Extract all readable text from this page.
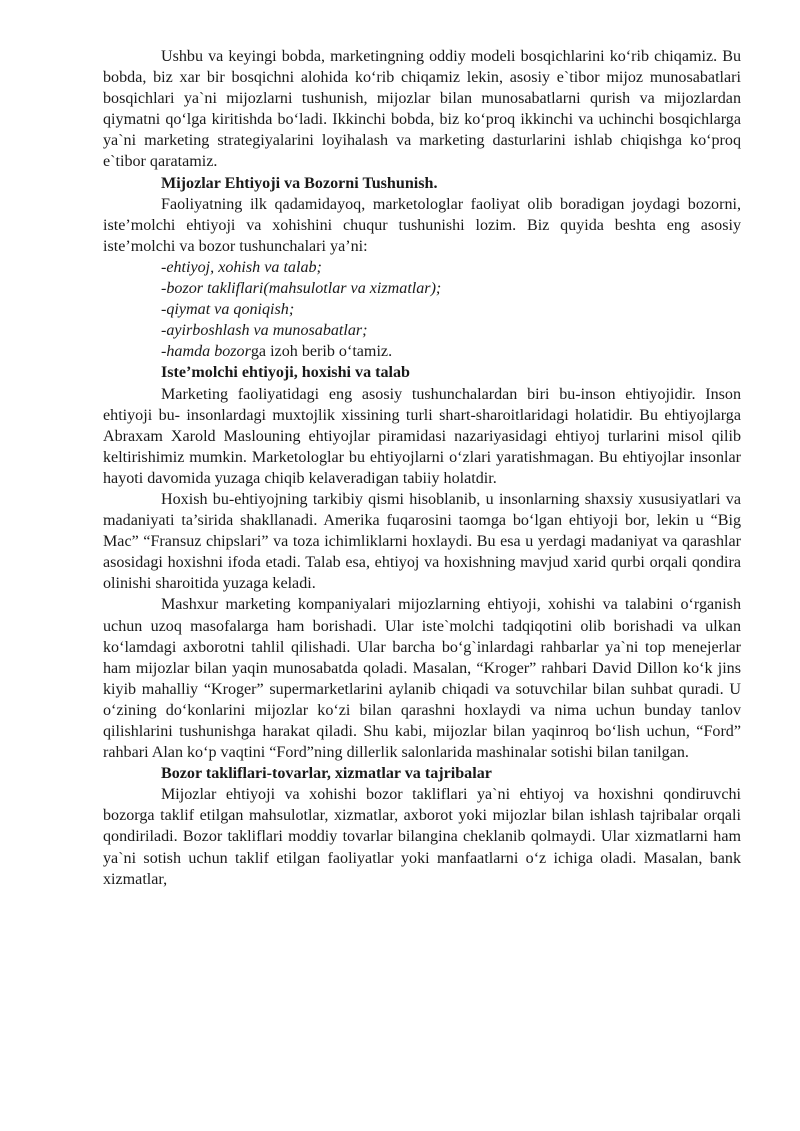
Ushbu va keyingi bobda, marketingning oddiy modeli bosqichlarini ko‘rib chiqamiz. Bu bobda, biz xar bir bosqichni alohida ko‘rib chiqamiz lekin, asosiy e`tibor mijoz munosabatlari bosqichlari ya`ni mijozlarni tushunish, mijozlar bilan munosabatlarni qurish va mijozlardan qiymatni qo‘lga kiritishda bo‘ladi. Ikkinchi bobda, biz ko‘proq ikkinchi va uchinchi bosqichlarga ya`ni marketing strategiyalarini loyihalash va marketing dasturlarini ishlab chiqishga ko‘proq e`tibor qaratamiz.

Mijozlar Ehtiyoji va Bozorni Tushunish.

Faoliyatning ilk qadamidayoq, marketologlar faoliyat olib boradigan joydagi bozorni, iste’molchi ehtiyoji va xohishini chuqur tushunishi lozim. Biz quyida beshta eng asosiy iste’molchi va bozor tushunchalari ya’ni:

-ehtiyoj, xohish va talab;

-bozor takliflari(mahsulotlar va xizmatlar);

-qiymat va qoniqish;

-ayirboshlash va munosabatlar;

-hamda bozorga izoh berib o‘tamiz.

Iste’molchi ehtiyoji, hoxishi va talab

Marketing faoliyatidagi eng asosiy tushunchalardan biri bu-inson ehtiyojidir. Inson ehtiyoji bu- insonlardagi muxtojlik xissining turli shart-sharoitlaridagi holatidir. Bu ehtiyojlarga Abraxam Xarold Maslouning ehtiyojlar piramidasi nazariyasidagi ehtiyoj turlarini misol qilib keltirishimiz mumkin. Marketologlar bu ehtiyojlarni o‘zlari yaratishmagan. Bu ehtiyojlar insonlar hayoti davomida yuzaga chiqib kelaveradigan tabiiy holatdir.

Hoxish bu-ehtiyojning tarkibiy qismi hisoblanib, u insonlarning shaxsiy xususiyatlari va madaniyati ta’sirida shakllanadi. Amerika fuqarosini taomga bo‘lgan ehtiyoji bor, lekin u “Big Mac” “Fransuz chipslari” va toza ichimliklarni hoxlaydi. Bu esa u yerdagi madaniyat va qarashlar asosidagi hoxishni ifoda etadi. Talab esa, ehtiyoj va hoxishning mavjud xarid qurbi orqali qondira olinishi sharoitida yuzaga keladi.

Mashxur marketing kompaniyalari mijozlarning ehtiyoji, xohishi va talabini o‘rganish uchun uzoq masofalarga ham borishadi. Ular iste`molchi tadqiqotini olib borishadi va ulkan ko‘lamdagi axborotni tahlil qilishadi. Ular barcha bo‘g`inlardagi rahbarlar ya`ni top menejerlar ham mijozlar bilan yaqin munosabatda qoladi. Masalan, “Kroger” rahbari David Dillon ko‘k jins kiyib mahalliy “Kroger” supermarketlarini aylanib chiqadi va sotuvchilar bilan suhbat quradi. U o‘zining do‘konlarini mijozlar ko‘zi bilan qarashni hoxlaydi va nima uchun bunday tanlov qilishlarini tushunishga harakat qiladi. Shu kabi, mijozlar bilan yaqinroq bo‘lish uchun, “Ford” rahbari Alan ko‘p vaqtini “Ford”ning dillerlik salonlarida mashinalar sotishi bilan tanilgan.

Bozor takliflari-tovarlar, xizmatlar va tajribalar

Mijozlar ehtiyoji va xohishi bozor takliflari ya`ni ehtiyoj va hoxishni qondiruvchi bozorga taklif etilgan mahsulotlar, xizmatlar, axborot yoki mijozlar bilan ishlash tajribalar orqali qondiriladi. Bozor takliflari moddiy tovarlar bilangina cheklanib qolmaydi. Ular xizmatlarni ham ya`ni sotish uchun taklif etilgan faoliyatlar yoki manfaatlarni o‘z ichiga oladi. Masalan, bank xizmatlar,
